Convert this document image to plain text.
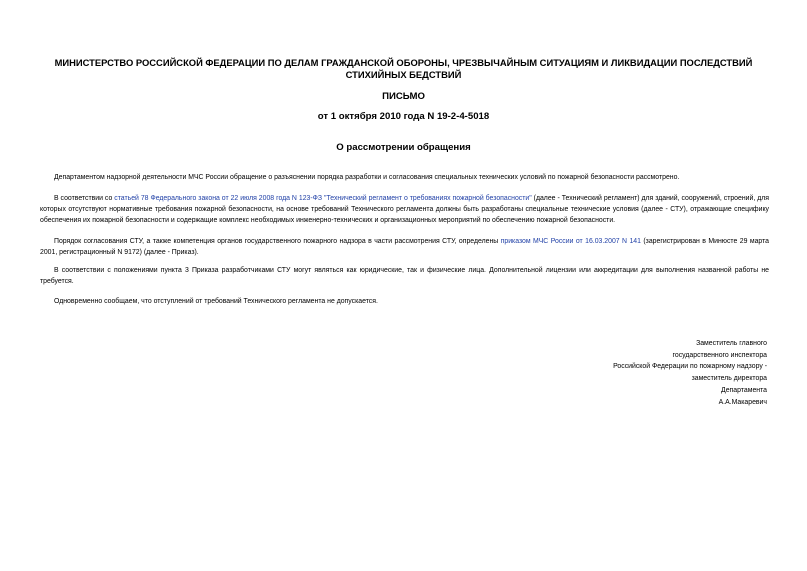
МИНИСТЕРСТВО РОССИЙСКОЙ ФЕДЕРАЦИИ ПО ДЕЛАМ ГРАЖДАНСКОЙ ОБОРОНЫ, ЧРЕЗВЫЧАЙНЫМ СИТУАЦИЯМ И ЛИКВИДАЦИИ ПОСЛЕДСТВИЙ СТИХИЙНЫХ БЕДСТВИЙ
ПИСЬМО
от 1 октября 2010 года N 19-2-4-5018
О рассмотрении обращения

Департаментом надзорной деятельности МЧС России обращение о разъяснении порядка разработки и согласования специальных технических условий по пожарной безопасности рассмотрено.

В соответствии со статьей 78 Федерального закона от 22 июля 2008 года N 123-ФЗ "Технический регламент о требованиях пожарной безопасности" (далее - Технический регламент) для зданий, сооружений, строений, для которых отсутствуют нормативные требования пожарной безопасности, на основе требований Технического регламента должны быть разработаны специальные технические условия (далее - СТУ), отражающие специфику обеспечения их пожарной безопасности и содержащие комплекс необходимых инженерно-технических и организационных мероприятий по обеспечению пожарной безопасности.

Порядок согласования СТУ, а также компетенция органов государственного пожарного надзора в части рассмотрения СТУ, определены приказом МЧС России от 16.03.2007 N 141 (зарегистрирован в Минюсте 29 марта 2001, регистрационный N 9172) (далее - Приказ).

В соответствии с положениями пункта 3 Приказа разработчиками СТУ могут являться как юридические, так и физические лица. Дополнительной лицензии или аккредитации для выполнения названной работы не требуется.

Одновременно сообщаем, что отступлений от требований Технического регламента не допускается.

Заместитель главного
государственного инспектора
Российской Федерации по пожарному надзору -
заместитель директора
Департамента
А.А.Макаревич
